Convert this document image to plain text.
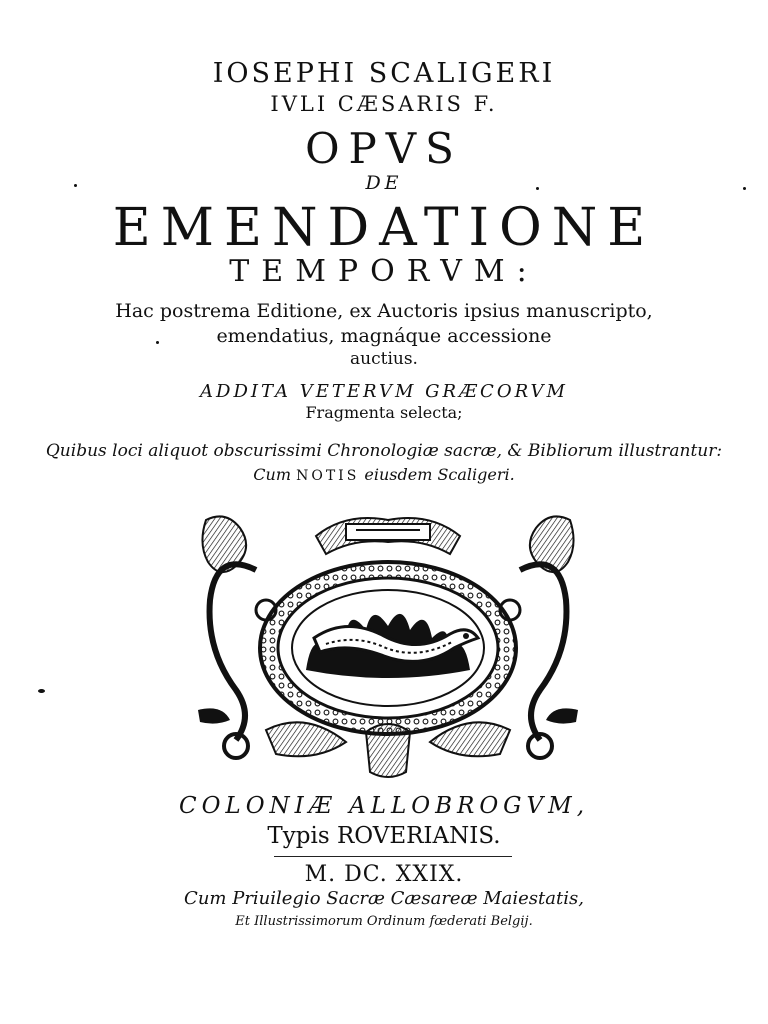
IOSEPHI SCALIGERI
IVLI CÆSARIS F.
OPVS
DE
EMENDATIONE
TEMPORVM:
Hac postrema Editione, ex Auctoris ipsius manuscripto,
emendatius, magnáque accessione
auctius.
ADDITA VETERVM GRÆCORVM
Fragmenta selecta;
Quibus loci aliquot obscurissimi Chronologiæ sacræ, & Bibliorum illustrantur:
Cum NOTIS eiusdem Scaligeri.
COLONIÆ ALLOBROGVM,
Typis ROVERIANIS.
M. DC. XXIX.
Cum Priuilegio Sacræ Cæsareæ Maiestatis,
Et Illustrissimorum Ordinum fœderati Belgij.
